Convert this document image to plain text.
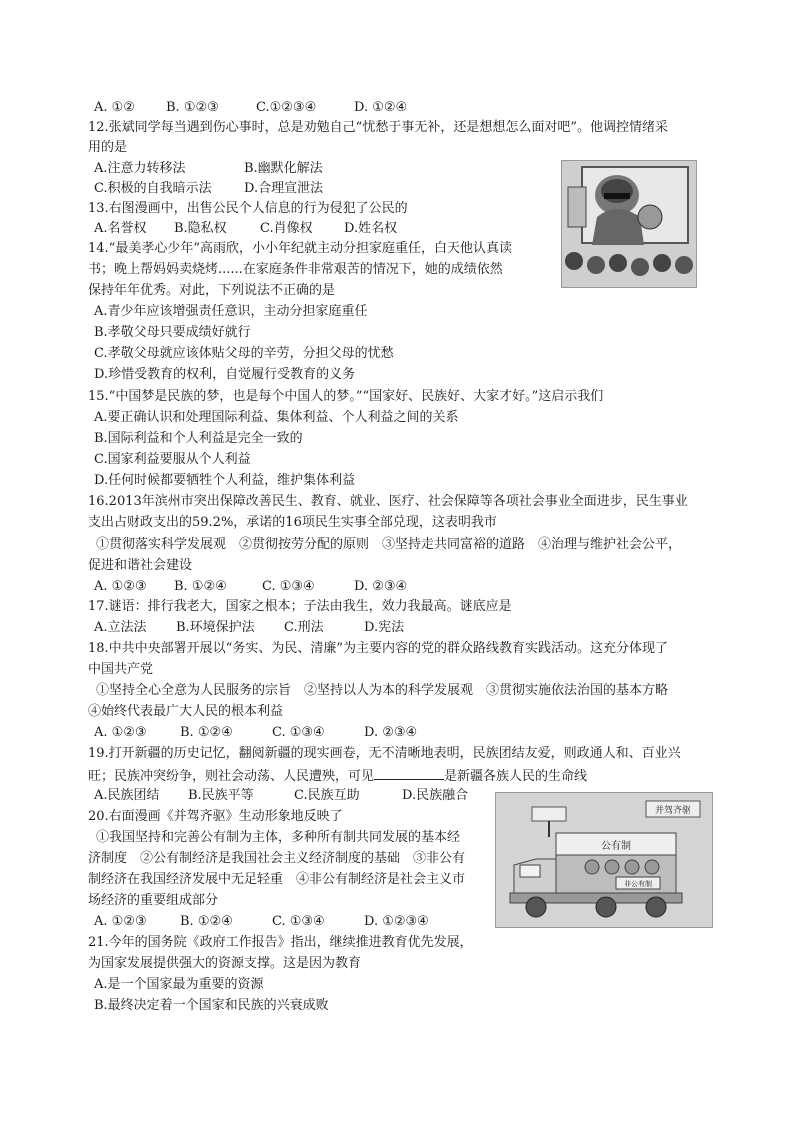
A. ①② B. ①②③	C.①②③④	D. ①②④
12.张斌同学每当遇到伤心事时，总是劝勉自己“忧愁于事无补，还是想想怎么面对吧”。他调控情绪采
用的是
A.注意力转移法	B.幽默化解法
C.积极的自我暗示法 D.合理宣泄法
13.右图漫画中，出售公民个人信息的行为侵犯了公民的
A.名誉权 B.隐私权	C.肖像权 D.姓名权
14.“最美孝心少年”高雨欣，小小年纪就主动分担家庭重任，白天他认真读
书；晚上帮妈妈卖烧烤......在家庭条件非常艰苦的情况下，她的成绩依然
保持年年优秀。对此，下列说法不正确的是
A.青少年应该增强责任意识，主动分担家庭重任
B.孝敬父母只要成绩好就行
C.孝敬父母就应该体贴父母的辛劳，分担父母的忧愁
D.珍惜受教育的权利，自觉履行受教育的义务
15.“中国梦是民族的梦，也是每个中国人的梦。”“国家好、民族好、大家才好。”这启示我们
A.要正确认识和处理国际利益、集体利益、个人利益之间的关系
B.国际利益和个人利益是完全一致的
C.国家利益要服从个人利益
D.任何时候都要牺牲个人利益，维护集体利益
16.2013年滨州市突出保障改善民生、教育、就业、医疗、社会保障等各项社会事业全面进步，民生事业
支出占财政支出的59.2%，承诺的16项民生实事全部兑现，这表明我市
①贯彻落实科学发展观　②贯彻按劳分配的原则　③坚持走共同富裕的道路　④治理与维护社会公平，
促进和谐社会建设
A. ①②③ B. ①②④	C. ①③④	D. ②③④
17.谜语：排行我老大，国家之根本；子法由我生，效力我最高。谜底应是
A.立法法 B.环境保护法 C.刑法	D.宪法
18.中共中央部署开展以“务实、为民、清廉”为主要内容的党的群众路线教育实践活动。这充分体现了
中国共产党
①坚持全心全意为人民服务的宗旨　②坚持以人为本的科学发展观　③贯彻实施依法治国的基本方略
④始终代表最广大人民的根本利益
A. ①②③	B. ①②④	C. ①③④	D. ②③④
19.打开新疆的历史记忆，翻阅新疆的现实画卷，无不清晰地表明，民族团结友爱，则政通人和、百业兴
旺；民族冲突纷争，则社会动荡、人民遭殃，可见	是新疆各族人民的生命线
A.民族团结 B.民族平等	C.民族互助	D.民族融合
20.右面漫画《并驾齐驱》生动形象地反映了
①我国坚持和完善公有制为主体，多种所有制共同发展的基本经
济制度　②公有制经济是我国社会主义经济制度的基础　③非公有
制经济在我国经济发展中无足轻重　④非公有制经济是社会主义市
场经济的重要组成部分
A. ①②③	B. ①②④	C. ①③④	D. ①②③④
并驾齐驱
公有制
非公有制
21.今年的国务院《政府工作报告》指出，继续推进教育优先发展，
为国家发展提供强大的资源支撑。这是因为教育
A.是一个国家最为重要的资源
B.最终决定着一个国家和民族的兴衰成败
